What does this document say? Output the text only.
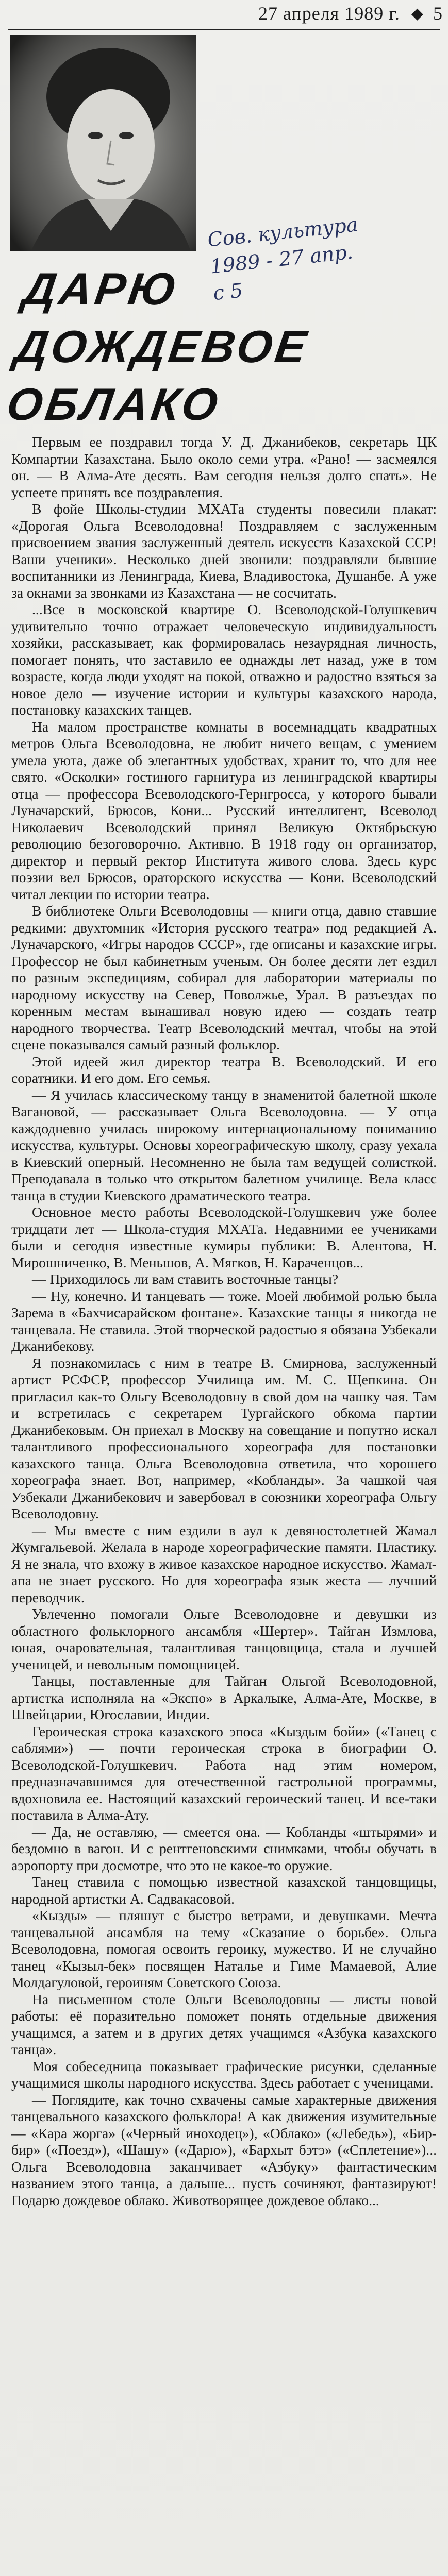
27 апреля 1989 г. ◆ 5
ДАРЮ
ДОЖДЕВОЕ
ОБЛАКО
Сов. культура
1989 - 27 апр.
с 5

Первым ее поздравил тогда У. Д. Джанибеков, секретарь ЦК Компартии Казахстана. Было около семи утра. «Рано! — засмеялся он. — В Алма-Ате десять. Вам сегодня нельзя долго спать». Не успеете принять все поздравления.

В фойе Школы-студии МХАТа студенты повесили плакат: «Дорогая Ольга Всеволодовна! Поздравляем с заслуженным присвоением звания заслуженный деятель искусств Казахской ССР! Ваши ученики». Несколько дней звонили: поздравляли бывшие воспитанники из Ленинграда, Киева, Владивостока, Душанбе. А уже за окнами за звонками из Казахстана — не сосчитать.

...Все в московской квартире О. Всеволодской-Голушкевич удивительно точно отражает человеческую индивидуальность хозяйки, рассказывает, как формировалась незаурядная личность, помогает понять, что заставило ее однажды лет назад, уже в том возрасте, когда люди уходят на покой, отважно и радостно взяться за новое дело — изучение истории и культуры казахского народа, постановку казахских танцев.

На малом пространстве комнаты в восемнадцать квадратных метров Ольга Всеволодовна, не любит ничего вещам, с умением умела уюта, даже об элегантных удобствах, хранит то, что для нее свято. «Осколки» гостиного гарнитура из ленинградской квартиры отца — профессора Всеволодского-Гернгросса, у которого бывали Луначарский, Брюсов, Кони... Русский интеллигент, Всеволод Николаевич Всеволодский принял Великую Октябрьскую революцию безоговорочно. Активно. В 1918 году он организатор, директор и первый ректор Института живого слова. Здесь курс поэзии вел Брюсов, ораторского искусства — Кони. Всеволодский читал лекции по истории театра.

В библиотеке Ольги Всеволодовны — книги отца, давно ставшие редкими: двухтомник «История русского театра» под редакцией А. Луначарского, «Игры народов СССР», где описаны и казахские игры. Профессор не был кабинетным ученым. Он более десяти лет ездил по разным экспедициям, собирал для лаборатории материалы по народному искусству на Север, Поволжье, Урал. В разъездах по коренным местам вынашивал новую идею — создать театр народного творчества. Театр Всеволодский мечтал, чтобы на этой сцене показывался самый разный фольклор.

Этой идеей жил директор театра В. Всеволодский. И его соратники. И его дом. Его семья.

— Я училась классическому танцу в знаменитой балетной школе Вагановой, — рассказывает Ольга Всеволодовна. — У отца каждодневно училась широкому интернациональному пониманию искусства, культуры. Основы хореографическую школу, сразу уехала в Киевский оперный. Несомненно не была там ведущей солисткой. Преподавала в только что открытом балетном училище. Вела класс танца в студии Киевского драматического театра.

Основное место работы Всеволодской-Голушкевич уже более тридцати лет — Школа-студия МХАТа. Недавними ее учениками были и сегодня известные кумиры публики: В. Алентова, Н. Мирошниченко, В. Меньшов, А. Мягков, Н. Караченцов...

— Приходилось ли вам ставить восточные танцы?

— Ну, конечно. И танцевать — тоже. Моей любимой ролью была Зарема в «Бахчисарайском фонтане». Казахские танцы я никогда не танцевала. Не ставила. Этой творческой радостью я обязана Узбекали Джанибекову.

Я познакомилась с ним в театре В. Смирнова, заслуженный артист РСФСР, профессор Училища им. М. С. Щепкина. Он пригласил как-то Ольгу Всеволодовну в свой дом на чашку чая. Там и встретилась с секретарем Тургайского обкома партии Джанибековым. Он приехал в Москву на совещание и попутно искал талантливого профессионального хореографа для постановки казахского танца. Ольга Всеволодовна ответила, что хорошего хореографа знает. Вот, например, «Кобланды». За чашкой чая Узбекали Джанибекович и завербовал в союзники хореографа Ольгу Всеволодовну.

— Мы вместе с ним ездили в аул к девяностолетней Жамал Жумгальевой. Желала в народе хореографические памяти. Пластику. Я не знала, что вхожу в живое казахское народное искусство. Жамал-апа не знает русского. Но для хореографа язык жеста — лучший переводчик.

Увлеченно помогали Ольге Всеволодовне и девушки из областного фольклорного ансамбля «Шертер». Тайган Измлова, юная, очаровательная, талантливая танцовщица, стала и лучшей ученицей, и невольным помощницей.

Танцы, поставленные для Тайган Ольгой Всеволодовной, артистка исполняла на «Экспо» в Аркалыке, Алма-Ате, Москве, в Швейцарии, Югославии, Индии.

Героическая строка казахского эпоса «Кыздым бойи» («Танец с саблями») — почти героическая строка в биографии О. Всеволодской-Голушкевич. Работа над этим номером, предназначавшимся для отечественной гастрольной программы, вдохновила ее. Настоящий казахский героический танец. И все-таки поставила в Алма-Ату.

— Да, не оставляю, — смеется она. — Кобланды «штырями» и бездомно в вагон. И с рентгеновскими снимками, чтобы обучать в аэропорту при досмотре, что это не какое-то оружие.

Танец ставила с помощью известной казахской танцовщицы, народной артистки А. Садвакасовой.

«Кызды» — пляшут с быстро ветрами, и девушками. Мечта танцевальной ансамбля на тему «Сказание о борьбе». Ольга Всеволодовна, помогая освоить героику, мужество. И не случайно танец «Кызыл-бек» посвящен Наталье и Гиме Мамаевой, Алие Молдагуловой, героиням Советского Союза.

На письменном столе Ольги Всеволодовны — листы новой работы: её поразительно поможет понять отдельные движения учащимся, а затем и в других детях учащимся «Азбука казахского танца».

Моя собеседница показывает графические рисунки, сделанные учащимися школы народного искусства. Здесь работает с ученицами.

— Поглядите, как точно схвачены самые характерные движения танцевального казахского фольклора! А как движения изумительные — «Кара жорга» («Черный иноходец»), «Облако» («Лебедь»), «Бир-бир» («Поезд»), «Шашу» («Дарю»), «Бархыт бэтэ» («Сплетение»)... Ольга Всеволодовна заканчивает «Азбуку» фантастическим названием этого танца, а дальше... пусть сочиняют, фантазируют! Подарю дождевое облако. Животворящее дождевое облако...
